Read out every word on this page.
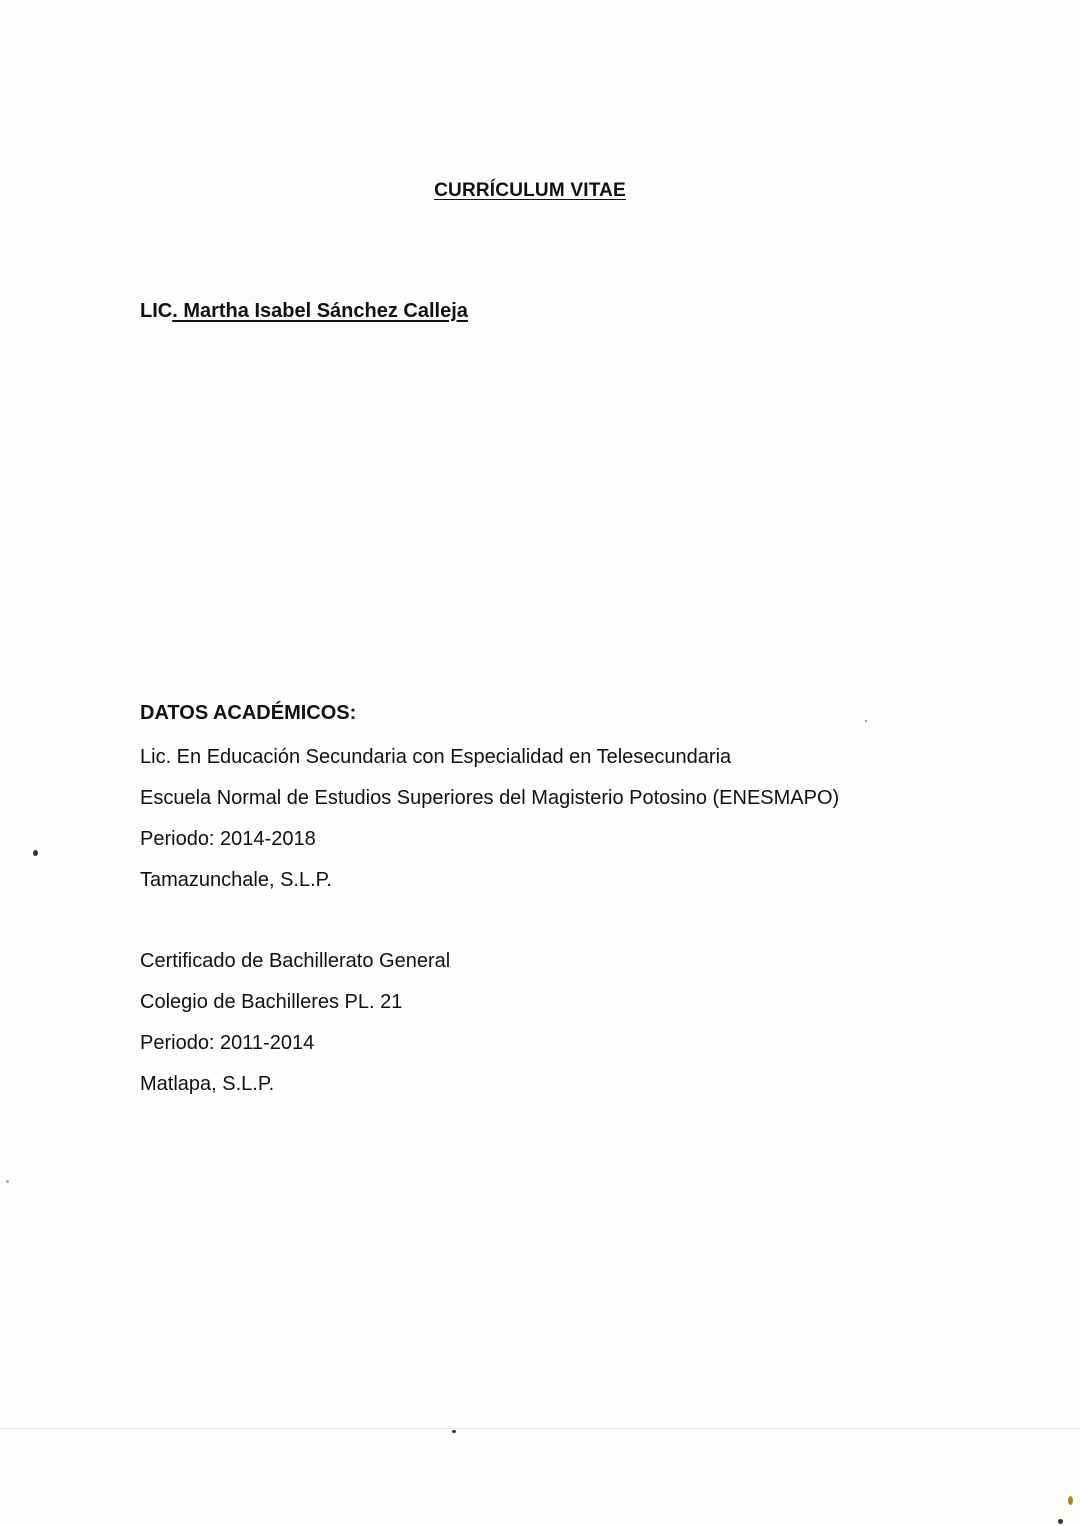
CURRÍCULUM VITAE
LIC. Martha Isabel Sánchez Calleja
DATOS ACADÉMICOS:
Lic. En Educación Secundaria con Especialidad en Telesecundaria
Escuela Normal de Estudios Superiores del Magisterio Potosino (ENESMAPO)
Periodo: 2014-2018
Tamazunchale, S.L.P.
Certificado de Bachillerato General
Colegio de Bachilleres PL. 21
Periodo: 2011-2014
Matlapa, S.L.P.
